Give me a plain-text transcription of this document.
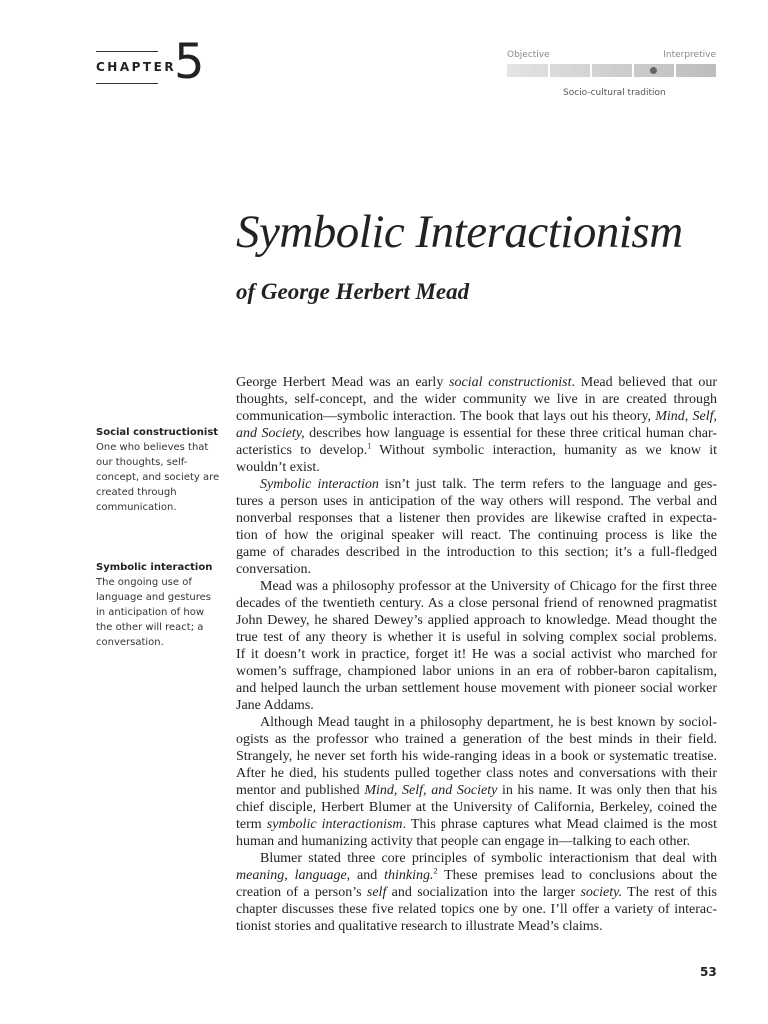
CHAPTER
5	Objective	Interpretive
Socio-cultural tradition
Symbolic Interactionism
of George Herbert Mead
Social constructionist
One who believes that our thoughts, self-concept, and society are created through communication.
Symbolic interaction
The ongoing use of language and gestures in anticipation of how the other will react; a conversation.
George Herbert Mead was an early social constructionist. Mead believed that our
thoughts, self-concept, and the wider community we live in are created through
communication—symbolic interaction. The book that lays out his theory, Mind, Self,
and Society, describes how language is essential for these three critical human char-
acteristics to develop.$^1$ Without symbolic interaction, humanity as we know it
wouldn’t exist.
Symbolic interaction isn’t just talk. The term refers to the language and ges-
tures a person uses in anticipation of the way others will respond. The verbal and
nonverbal responses that a listener then provides are likewise crafted in expecta-
tion of how the original speaker will react. The continuing process is like the
game of charades described in the introduction to this section; it’s a full-fledged
conversation.
Mead was a philosophy professor at the University of Chicago for the first three
decades of the twentieth century. As a close personal friend of renowned pragmatist
John Dewey, he shared Dewey’s applied approach to knowledge. Mead thought the
true test of any theory is whether it is useful in solving complex social problems.
If it doesn’t work in practice, forget it! He was a social activist who marched for
women’s suffrage, championed labor unions in an era of robber-baron capitalism,
and helped launch the urban settlement house movement with pioneer social worker
Jane Addams.
Although Mead taught in a philosophy department, he is best known by sociol-
ogists as the professor who trained a generation of the best minds in their field.
Strangely, he never set forth his wide-ranging ideas in a book or systematic treatise.
After he died, his students pulled together class notes and conversations with their
mentor and published Mind, Self, and Society in his name. It was only then that his
chief disciple, Herbert Blumer at the University of California, Berkeley, coined the
term symbolic interactionism. This phrase captures what Mead claimed is the most
human and humanizing activity that people can engage in—talking to each other.
Blumer stated three core principles of symbolic interactionism that deal with
meaning, language, and thinking.$^2$ These premises lead to conclusions about the
creation of a person’s self and socialization into the larger society. The rest of this
chapter discusses these five related topics one by one. I’ll offer a variety of interac-
tionist stories and qualitative research to illustrate Mead’s claims.
53
